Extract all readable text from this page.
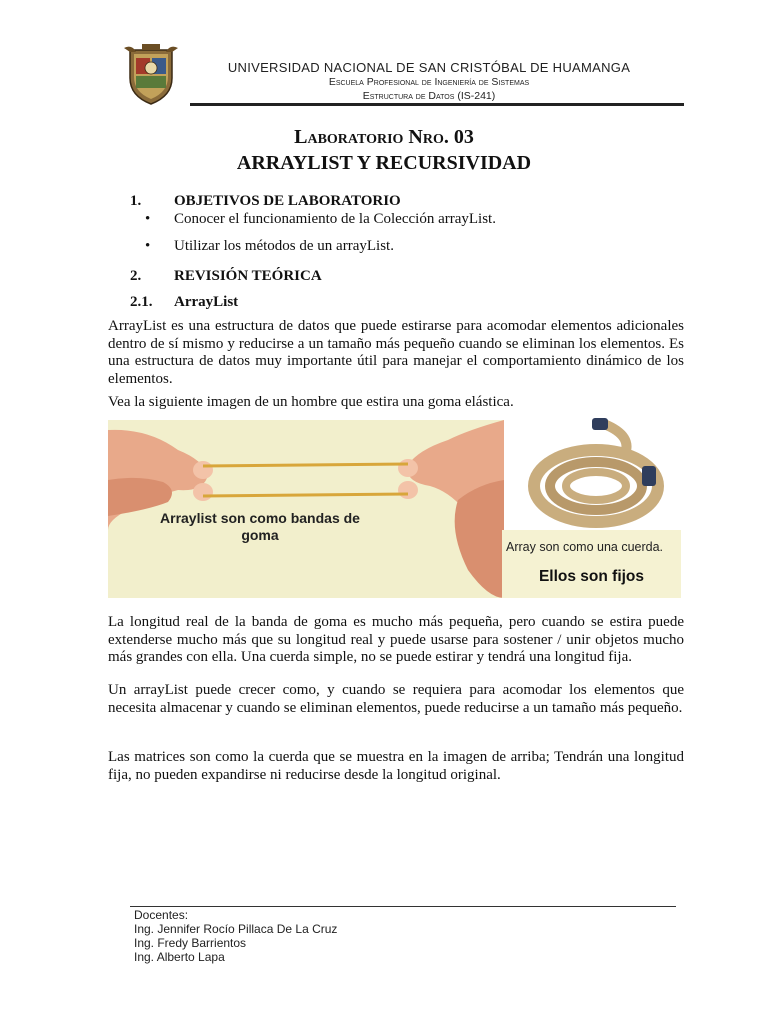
UNIVERSIDAD NACIONAL DE SAN CRISTÓBAL DE HUAMANGA
Escuela Profesional de Ingeniería de Sistemas
Estructura de Datos (IS-241)
Laboratorio Nro. 03
ARRAYLIST Y RECURSIVIDAD
1. OBJETIVOS DE LABORATORIO
• Conocer el funcionamiento de la Colección arrayList.
• Utilizar los métodos de un arrayList.
2. REVISIÓN TEÓRICA
2.1. ArrayList
ArrayList es una estructura de datos que puede estirarse para acomodar elementos adicionales dentro de sí mismo y reducirse a un tamaño más pequeño cuando se eliminan los elementos. Es una estructura de datos muy importante útil para manejar el comportamiento dinámico de los elementos.
Vea la siguiente imagen de un hombre que estira una goma elástica.
Arraylist son como bandas de goma
Array son como una cuerda.
Ellos son fijos
La longitud real de la banda de goma es mucho más pequeña, pero cuando se estira puede extenderse mucho más que su longitud real y puede usarse para sostener / unir objetos mucho más grandes con ella. Una cuerda simple, no se puede estirar y tendrá una longitud fija.
Un arrayList puede crecer como, y cuando se requiera para acomodar los elementos que necesita almacenar y cuando se eliminan elementos, puede reducirse a un tamaño más pequeño.
Las matrices son como la cuerda que se muestra en la imagen de arriba; Tendrán una longitud fija, no pueden expandirse ni reducirse desde la longitud original.
Docentes:
Ing. Jennifer Rocío Pillaca De La Cruz
Ing. Fredy Barrientos
Ing. Alberto Lapa
